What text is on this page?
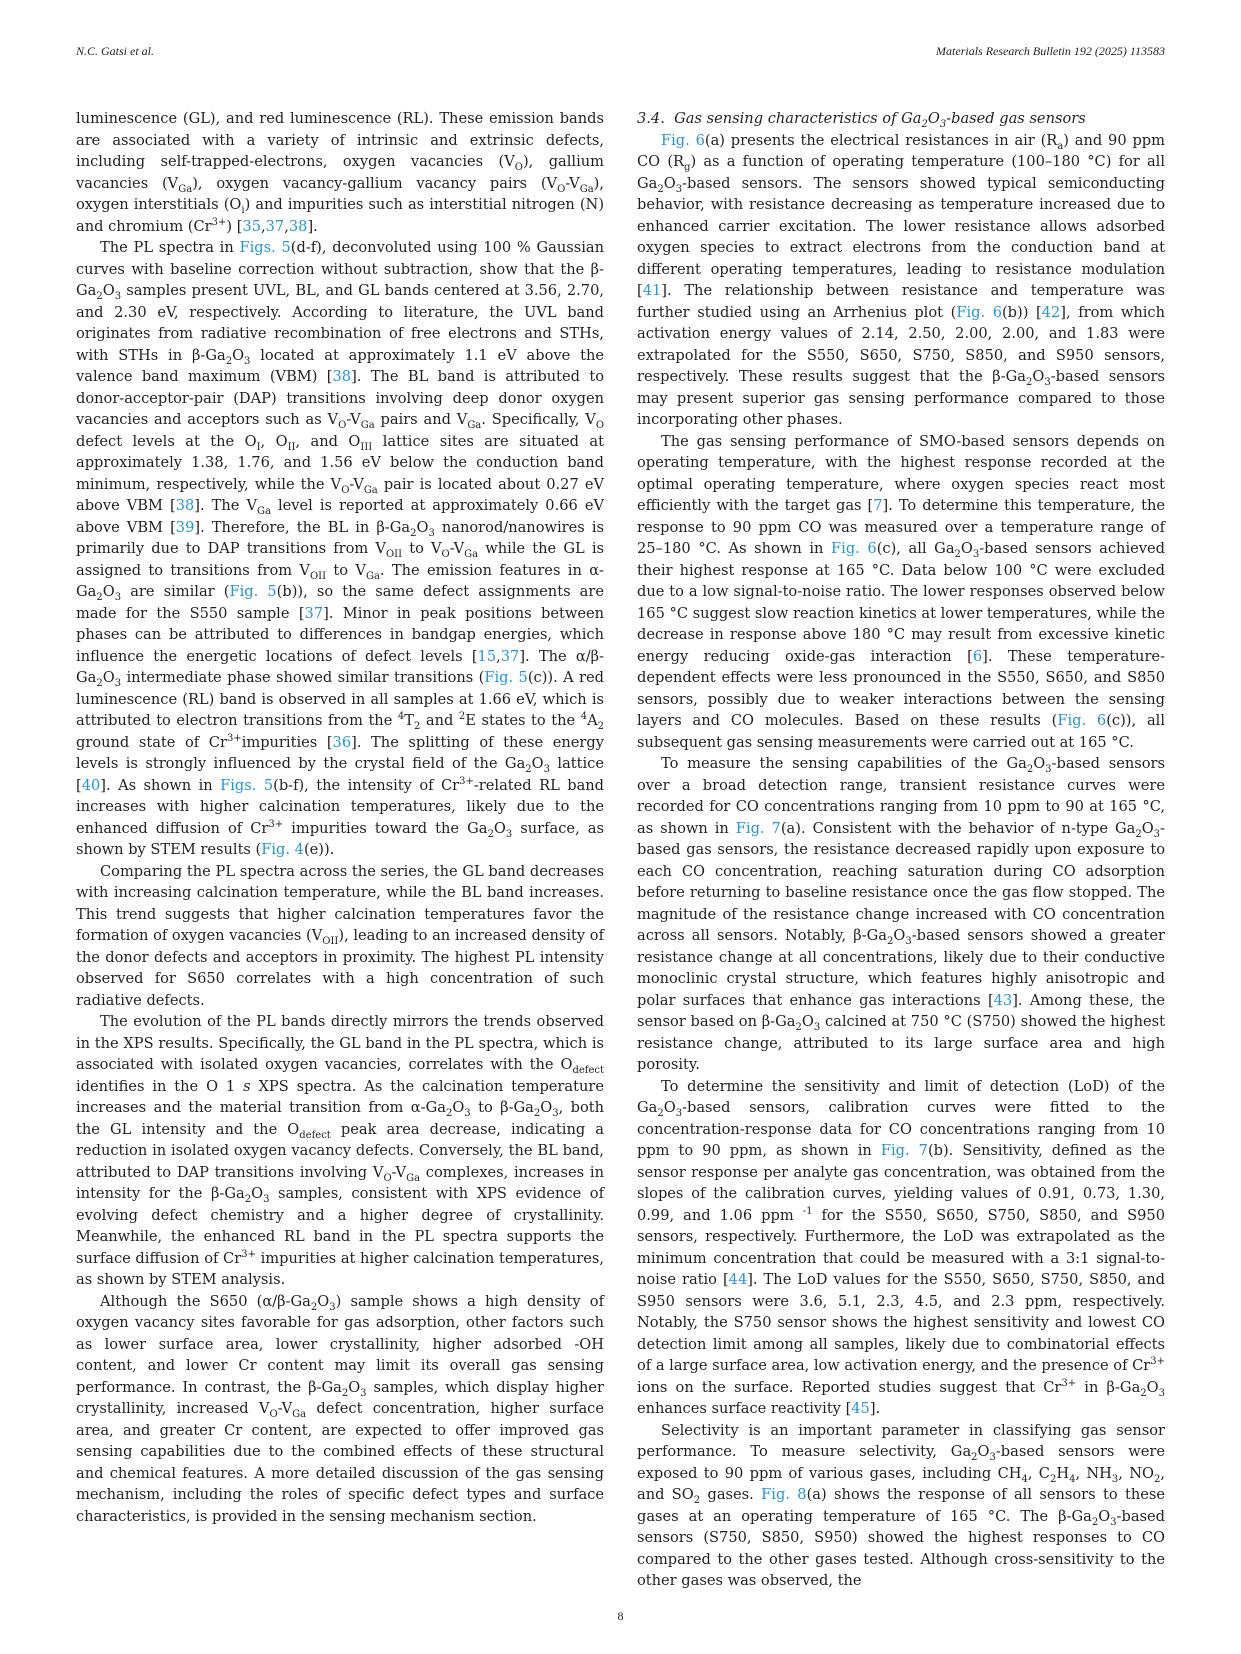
N.C. Gatsi et al.	Materials Research Bulletin 192 (2025) 113583

luminescence (GL), and red luminescence (RL). These emission bands are associated with a variety of intrinsic and extrinsic defects, including self-trapped-electrons, oxygen vacancies $(V_O)$, gallium vacancies $(V_{Ga})$, oxygen vacancy-gallium vacancy pairs $(V_O-V_{Ga})$, oxygen interstitials $(O_i)$ and impurities such as interstitial nitrogen (N) and chromium $(Cr^{3+})$ [35,37,38].

The PL spectra in Figs. 5(d-f), deconvoluted using 100 % Gaussian curves with baseline correction without subtraction, show that the $\beta-Ga_2O_3$ samples present UVL, BL, and GL bands centered at 3.56, 2.70, and 2.30 eV, respectively. According to literature, the UVL band originates from radiative recombination of free electrons and STHs, with STHs in $\beta-Ga_2O_3$ located at approximately 1.1 eV above the valence band maximum (VBM) [38]. The BL band is attributed to donor-acceptor-pair (DAP) transitions involving deep donor oxygen vacancies and acceptors such as $V_O-V_{Ga}$ pairs and $V_{Ga}$. Specifically, $V_O$ defect levels at the $O_I$, $O_{II}$, and $O_{III}$ lattice sites are situated at approximately 1.38, 1.76, and 1.56 eV below the conduction band minimum, respectively, while the $V_O-V_{Ga}$ pair is located about 0.27 eV above VBM [38]. The $V_{Ga}$ level is reported at approximately 0.66 eV above VBM [39]. Therefore, the BL in $\beta-Ga_2O_3$ nanorod/nanowires is primarily due to DAP transitions from $V_{OII}$ to $V_O-V_{Ga}$ while the GL is assigned to transitions from $V_{OII}$ to $V_{Ga}$. The emission features in $\alpha-Ga_2O_3$ are similar (Fig. 5(b)), so the same defect assignments are made for the S550 sample [37]. Minor in peak positions between phases can be attributed to differences in bandgap energies, which influence the energetic locations of defect levels [15,37]. The $\alpha/\beta-Ga_2O_3$ intermediate phase showed similar transitions (Fig. 5(c)). A red luminescence (RL) band is observed in all samples at 1.66 eV, which is attributed to electron transitions from the $^4T_2$ and $^2$E states to the $^4A_2$ ground state of $Cr^{3+}impurities$ [36]. The splitting of these energy levels is strongly influenced by the crystal field of the $Ga_2O_3$ lattice [40]. As shown in Figs. 5(b-f), the intensity of $Cr^{3+}$-related RL band increases with higher calcination temperatures, likely due to the enhanced diffusion of $Cr^{3+}$ impurities toward the $Ga_2O_3$ surface, as shown by STEM results (Fig. 4(e)).

Comparing the PL spectra across the series, the GL band decreases with increasing calcination temperature, while the BL band increases. This trend suggests that higher calcination temperatures favor the formation of oxygen vacancies $(V_{OII})$, leading to an increased density of the donor defects and acceptors in proximity. The highest PL intensity observed for S650 correlates with a high concentration of such radiative defects.

The evolution of the PL bands directly mirrors the trends observed in the XPS results. Specifically, the GL band in the PL spectra, which is associated with isolated oxygen vacancies, correlates with the $O_{defect}$ identifies in the O 1 s XPS spectra. As the calcination temperature increases and the material transition from $\alpha-Ga_2O_3$ to $\beta-Ga_2O_3$, both the GL intensity and the $O_{defect}$ peak area decrease, indicating a reduction in isolated oxygen vacancy defects. Conversely, the BL band, attributed to DAP transitions involving $V_O-V_{Ga}$ complexes, increases in intensity for the $\beta-Ga_2O_3$ samples, consistent with XPS evidence of evolving defect chemistry and a higher degree of crystallinity. Meanwhile, the enhanced RL band in the PL spectra supports the surface diffusion of $Cr^{3+}$ impurities at higher calcination temperatures, as shown by STEM analysis.

Although the S650 $(\alpha/\beta-Ga_2O_3)$ sample shows a high density of oxygen vacancy sites favorable for gas adsorption, other factors such as lower surface area, lower crystallinity, higher adsorbed -OH content, and lower Cr content may limit its overall gas sensing performance. In contrast, the $\beta-Ga_2O_3$ samples, which display higher crystallinity, increased $V_O-V_{Ga}$ defect concentration, higher surface area, and greater Cr content, are expected to offer improved gas sensing capabilities due to the combined effects of these structural and chemical features. A more detailed discussion of the gas sensing mechanism, including the roles of specific defect types and surface characteristics, is provided in the sensing mechanism section.

3.4. Gas sensing characteristics of $Ga_2O_3$-based gas sensors

Fig. 6(a) presents the electrical resistances in air $(R_a)$ and 90 ppm CO $(R_g)$ as a function of operating temperature (100–180 °C) for all $Ga_2O_3$-based sensors. The sensors showed typical semiconducting behavior, with resistance decreasing as temperature increased due to enhanced carrier excitation. The lower resistance allows adsorbed oxygen species to extract electrons from the conduction band at different operating temperatures, leading to resistance modulation [41]. The relationship between resistance and temperature was further studied using an Arrhenius plot (Fig. 6(b)) [42], from which activation energy values of 2.14, 2.50, 2.00, 2.00, and 1.83 were extrapolated for the S550, S650, S750, S850, and S950 sensors, respectively. These results suggest that the $\beta-Ga_2O_3$-based sensors may present superior gas sensing performance compared to those incorporating other phases.

The gas sensing performance of SMO-based sensors depends on operating temperature, with the highest response recorded at the optimal operating temperature, where oxygen species react most efficiently with the target gas [7]. To determine this temperature, the response to 90 ppm CO was measured over a temperature range of 25–180 °C. As shown in Fig. 6(c), all $Ga_2O_3$-based sensors achieved their highest response at 165 °C. Data below 100 °C were excluded due to a low signal-to-noise ratio. The lower responses observed below 165 °C suggest slow reaction kinetics at lower temperatures, while the decrease in response above 180 °C may result from excessive kinetic energy reducing oxide-gas interaction [6]. These temperature-dependent effects were less pronounced in the S550, S650, and S850 sensors, possibly due to weaker interactions between the sensing layers and CO molecules. Based on these results (Fig. 6(c)), all subsequent gas sensing measurements were carried out at 165 °C.

To measure the sensing capabilities of the $Ga_2O_3$-based sensors over a broad detection range, transient resistance curves were recorded for CO concentrations ranging from 10 ppm to 90 at 165 °C, as shown in Fig. 7(a). Consistent with the behavior of n-type $Ga_2O_3$-based gas sensors, the resistance decreased rapidly upon exposure to each CO concentration, reaching saturation during CO adsorption before returning to baseline resistance once the gas flow stopped. The magnitude of the resistance change increased with CO concentration across all sensors. Notably, $\beta-Ga_2O_3$-based sensors showed a greater resistance change at all concentrations, likely due to their conductive monoclinic crystal structure, which features highly anisotropic and polar surfaces that enhance gas interactions [43]. Among these, the sensor based on $\beta-Ga_2O_3$ calcined at 750 °C (S750) showed the highest resistance change, attributed to its large surface area and high porosity.

To determine the sensitivity and limit of detection (LoD) of the $Ga_2O_3$-based sensors, calibration curves were fitted to the concentration-response data for CO concentrations ranging from 10 ppm to 90 ppm, as shown in Fig. 7(b). Sensitivity, defined as the sensor response per analyte gas concentration, was obtained from the slopes of the calibration curves, yielding values of 0.91, 0.73, 1.30, 0.99, and 1.06 ppm $^{-1}$ for the S550, S650, S750, S850, and S950 sensors, respectively. Furthermore, the LoD was extrapolated as the minimum concentration that could be measured with a 3:1 signal-to-noise ratio [44]. The LoD values for the S550, S650, S750, S850, and S950 sensors were 3.6, 5.1, 2.3, 4.5, and 2.3 ppm, respectively. Notably, the S750 sensor shows the highest sensitivity and lowest CO detection limit among all samples, likely due to combinatorial effects of a large surface area, low activation energy, and the presence of $Cr^{3+}$ ions on the surface. Reported studies suggest that $Cr^{3+}$ in $\beta-Ga_2O_3$ enhances surface reactivity [45].

Selectivity is an important parameter in classifying gas sensor performance. To measure selectivity, $Ga_2O_3$-based sensors were exposed to 90 ppm of various gases, including $CH_4$, $C_2H_4$, $NH_3$, $NO_2$, and $SO_2$ gases. Fig. 8(a) shows the response of all sensors to these gases at an operating temperature of 165 °C. The $\beta-Ga_2O_3$-based sensors (S750, S850, S950) showed the highest responses to CO compared to the other gases tested. Although cross-sensitivity to the other gases was observed, the

8
